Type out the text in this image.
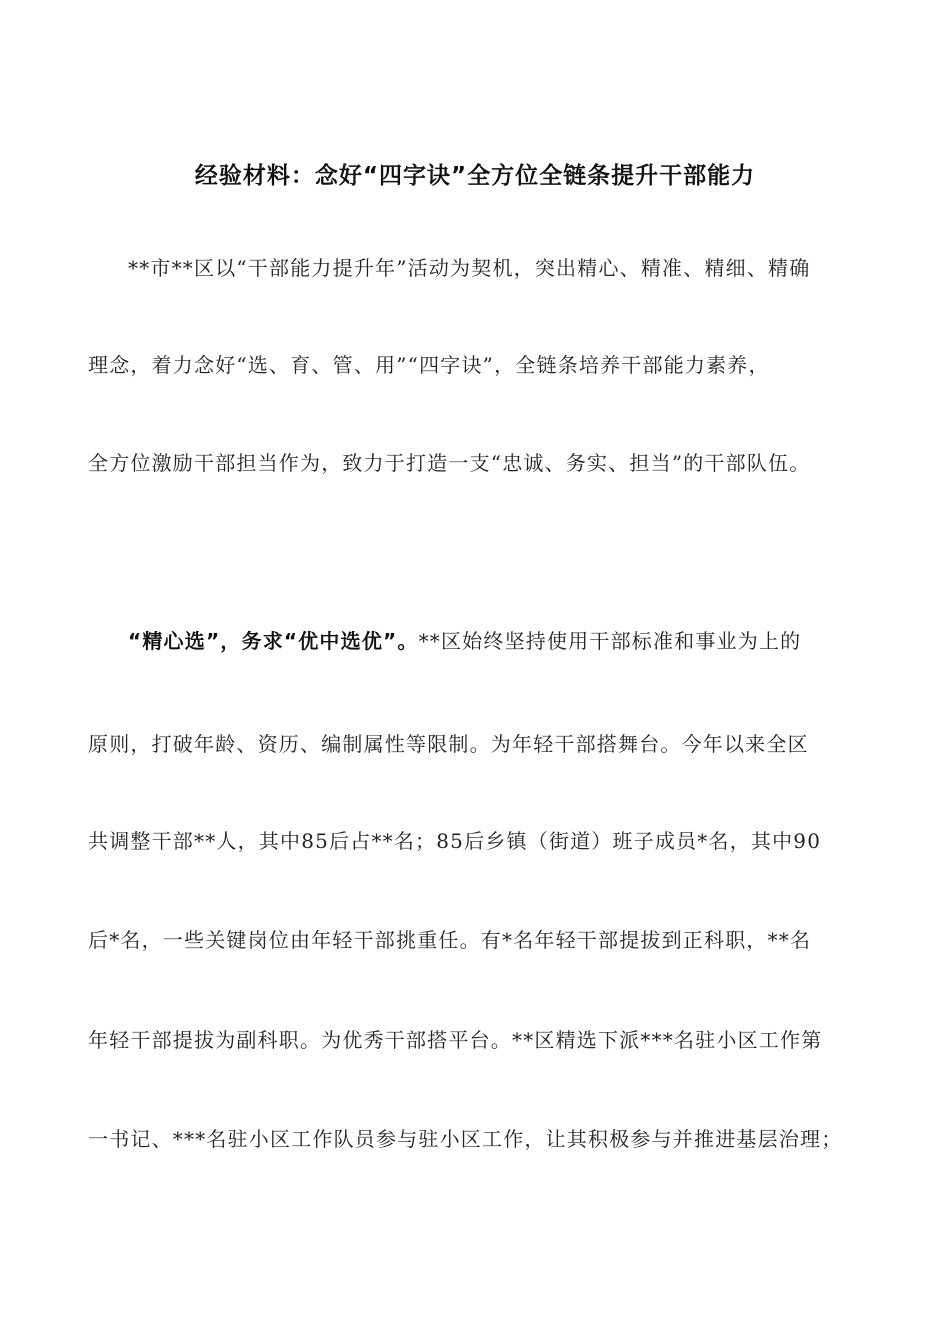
经验材料：念好“四字诀”全方位全链条提升干部能力
**市**区以“干部能力提升年”活动为契机，突出精心、精准、精细、精确
理念，着力念好“选、育、管、用”“四字诀”，全链条培养干部能力素养，
全方位激励干部担当作为，致力于打造一支“忠诚、务实、担当”的干部队伍。
“精心选”，务求“优中选优”。**区始终坚持使用干部标准和事业为上的
原则，打破年龄、资历、编制属性等限制。为年轻干部搭舞台。今年以来全区
共调整干部**人，其中85后占**名；85后乡镇（街道）班子成员*名，其中90
后*名，一些关键岗位由年轻干部挑重任。有*名年轻干部提拔到正科职，**名
年轻干部提拔为副科职。为优秀干部搭平台。**区精选下派***名驻小区工作第
一书记、***名驻小区工作队员参与驻小区工作，让其积极参与并推进基层治理；
